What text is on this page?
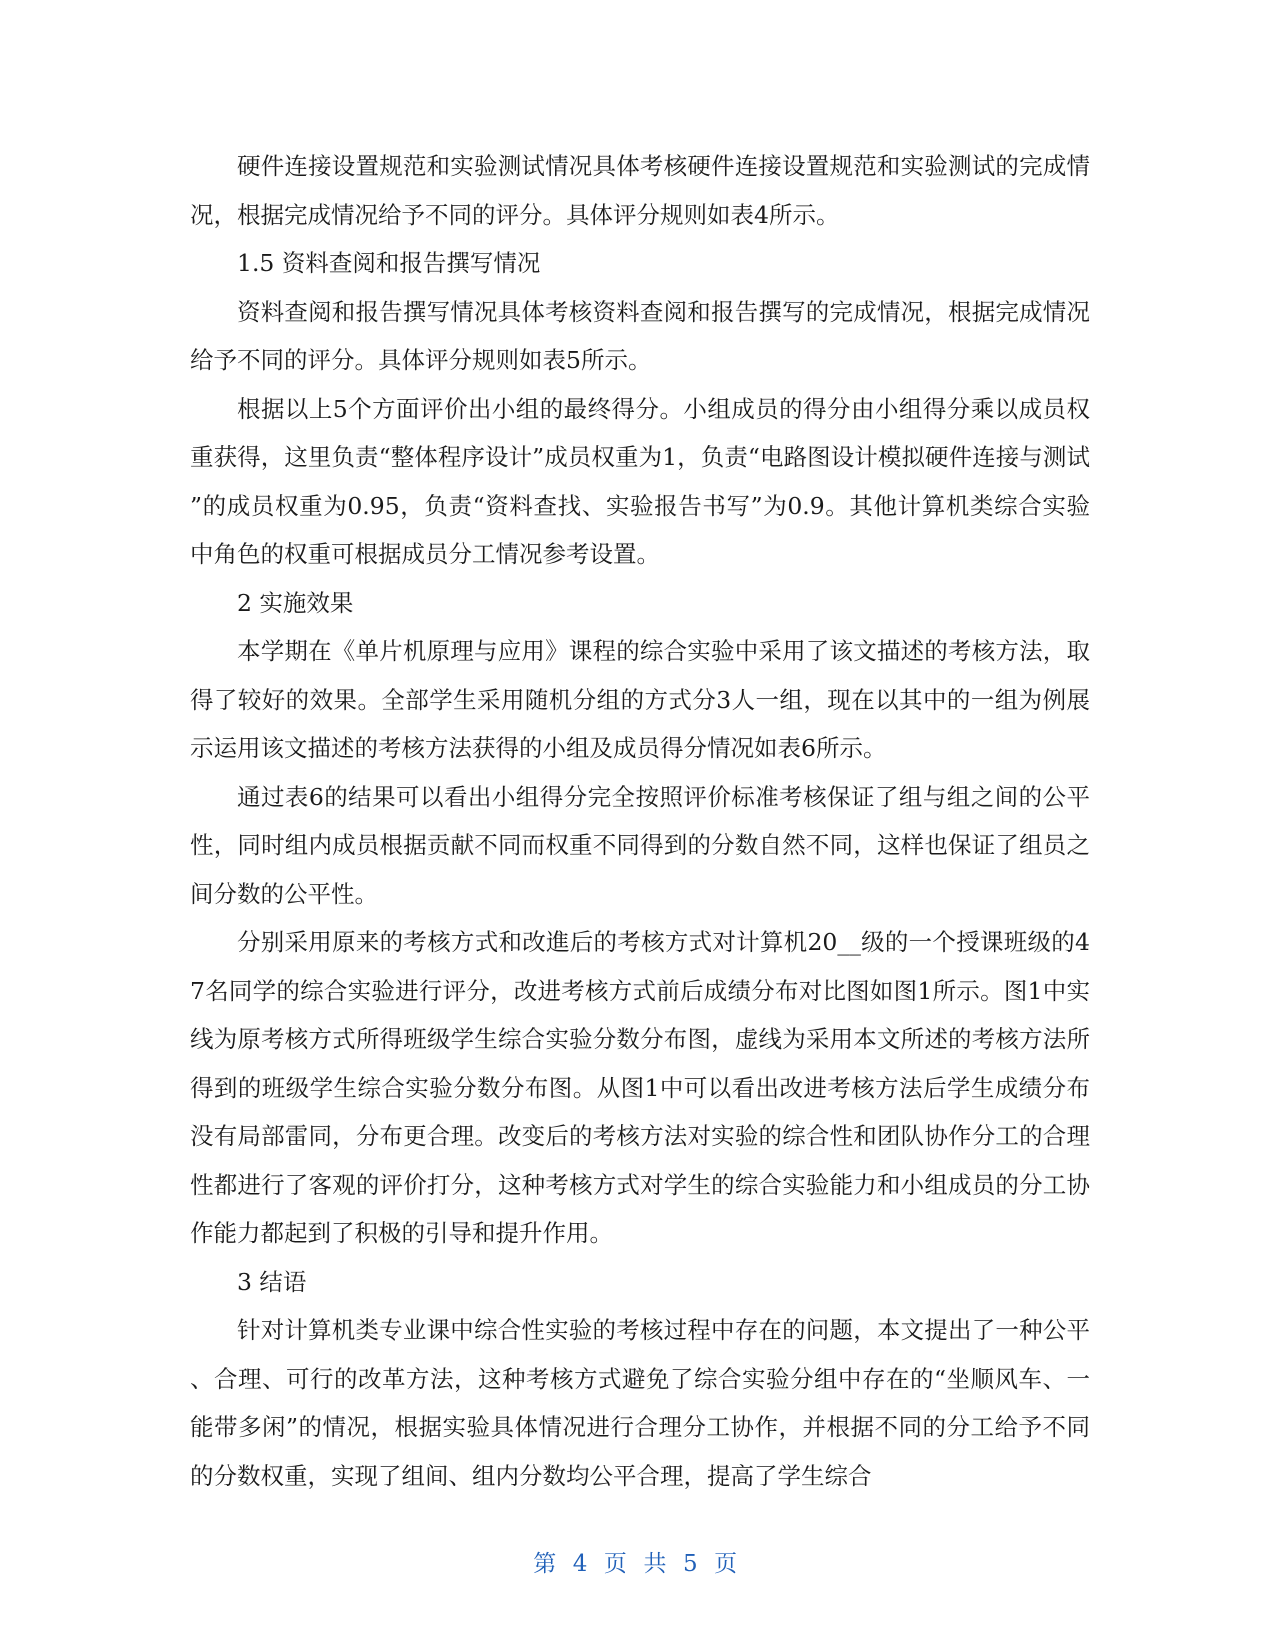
硬件连接设置规范和实验测试情况具体考核硬件连接设置规范和实验测试的完成情况，根据完成情况给予不同的评分。具体评分规则如表4所示。

1.5 资料查阅和报告撰写情况

资料查阅和报告撰写情况具体考核资料查阅和报告撰写的完成情况，根据完成情况给予不同的评分。具体评分规则如表5所示。

根据以上5个方面评价出小组的最终得分。小组成员的得分由小组得分乘以成员权重获得，这里负责“整体程序设计”成员权重为1，负责“电路图设计模拟硬件连接与测试”的成员权重为0.95，负责“资料查找、实验报告书写”为0.9。其他计算机类综合实验中角色的权重可根据成员分工情况参考设置。

2 实施效果

本学期在《单片机原理与应用》课程的综合实验中采用了该文描述的考核方法，取得了较好的效果。全部学生采用随机分组的方式分3人一组，现在以其中的一组为例展示运用该文描述的考核方法获得的小组及成员得分情况如表6所示。

通过表6的结果可以看出小组得分完全按照评价标准考核保证了组与组之间的公平性，同时组内成员根据贡献不同而权重不同得到的分数自然不同，这样也保证了组员之间分数的公平性。

分别采用原来的考核方式和改進后的考核方式对计算机20__级的一个授课班级的47名同学的综合实验进行评分，改进考核方式前后成绩分布对比图如图1所示。图1中实线为原考核方式所得班级学生综合实验分数分布图，虚线为采用本文所述的考核方法所得到的班级学生综合实验分数分布图。从图1中可以看出改进考核方法后学生成绩分布没有局部雷同，分布更合理。改变后的考核方法对实验的综合性和团队协作分工的合理性都进行了客观的评价打分，这种考核方式对学生的综合实验能力和小组成员的分工协作能力都起到了积极的引导和提升作用。

3 结语

针对计算机类专业课中综合性实验的考核过程中存在的问题，本文提出了一种公平、合理、可行的改革方法，这种考核方式避免了综合实验分组中存在的“坐顺风车、一能带多闲”的情况，根据实验具体情况进行合理分工协作，并根据不同的分工给予不同的分数权重，实现了组间、组内分数均公平合理，提高了学生综合

第 4 页 共 5 页
